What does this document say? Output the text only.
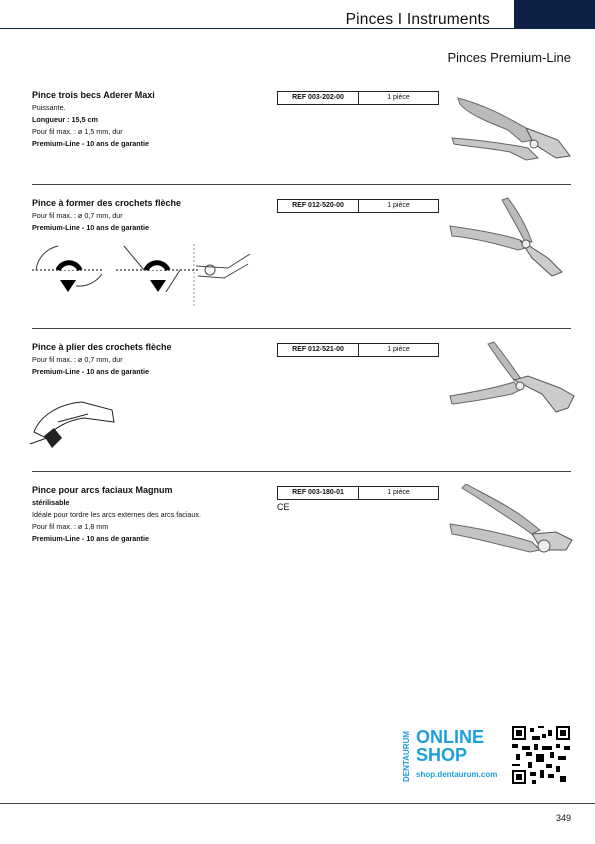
Pinces I Instruments
Pinces Premium-Line
Pince trois becs Aderer Maxi
Puissante.
Longueur : 15,5 cm
Pour fil max. : ø 1,5 mm, dur
Premium-Line - 10 ans de garantie
REF 003-202-00	1 pièce
Pince à former des crochets flèche
Pour fil max. : ø 0,7 mm, dur
Premium-Line - 10 ans de garantie
REF 012-520-00	1 pièce
Pince à plier des crochets flèche
Pour fil max. : ø 0,7 mm, dur
Premium-Line - 10 ans de garantie
REF 012-521-00	1 pièce
Pince pour arcs faciaux Magnum
stérilisable
Idéale pour tordre les arcs externes des arcs faciaux.
Pour fil max. : ø 1,8 mm
Premium-Line - 10 ans de garantie
REF 003-180-01	1 pièce
CE
DENTAURUM ONLINE
SHOP
shop.dentaurum.com
349
